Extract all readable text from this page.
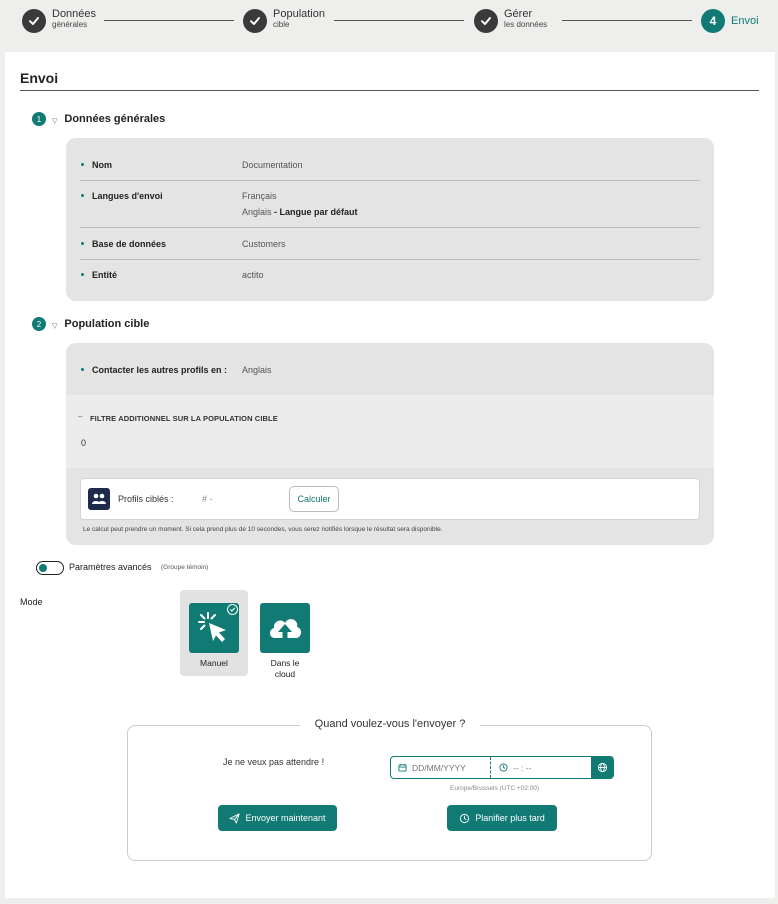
Données
générales
Population
cible
Gérer
les données	4	Envoi
Envoi
1	▽ Données générales
Nom	Documentation
Langues d'envoi	Français
Anglais - Langue par défaut
Base de données	Customers
Entité	actito
2	▽ Population cible
Contacter les autres profils en : Anglais
– FILTRE ADDITIONNEL SUR LA POPULATION CIBLE
0
Profils ciblés :	# -	Calculer
Le calcul peut prendre un moment. Si cela prend plus de 10 secondes, vous serez notifiés lorsque le résultat sera disponible.
Paramètres avancés (Groupe témoin)
Mode
Manuel	Dans le
cloud
Quand voulez-vous l'envoyer ?
Je ne veux pas attendre !
DD/MM/YYYY	-- : --
Europe/Brussels (UTC +02:00)
Envoyer maintenant	Planifier plus tard
